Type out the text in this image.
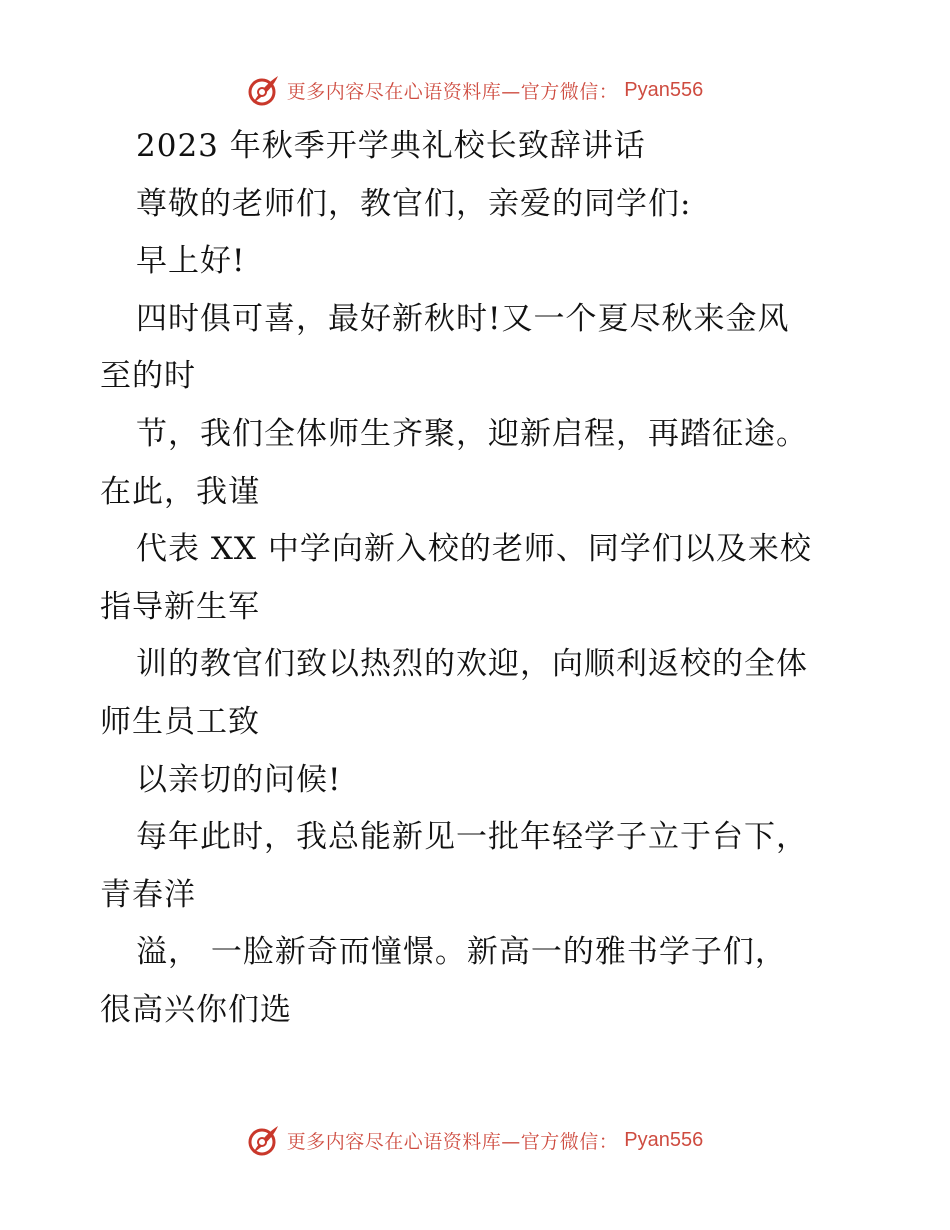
更多内容尽在心语资料库—官方微信： Pyan556
2023 年秋季开学典礼校长致辞讲话
尊敬的老师们，教官们，亲爱的同学们:
早上好!
四时俱可喜，最好新秋时!又一个夏尽秋来金风
至的时
节，我们全体师生齐聚，迎新启程，再踏征途。
在此，我谨
代表 XX 中学向新入校的老师、同学们以及来校
指导新生军
训的教官们致以热烈的欢迎，向顺利返校的全体
师生员工致
以亲切的问候!
每年此时，我总能新见一批年轻学子立于台下，
青春洋
溢， 一脸新奇而憧憬。新高一的雅书学子们，
很高兴你们选
更多内容尽在心语资料库—官方微信： Pyan556
